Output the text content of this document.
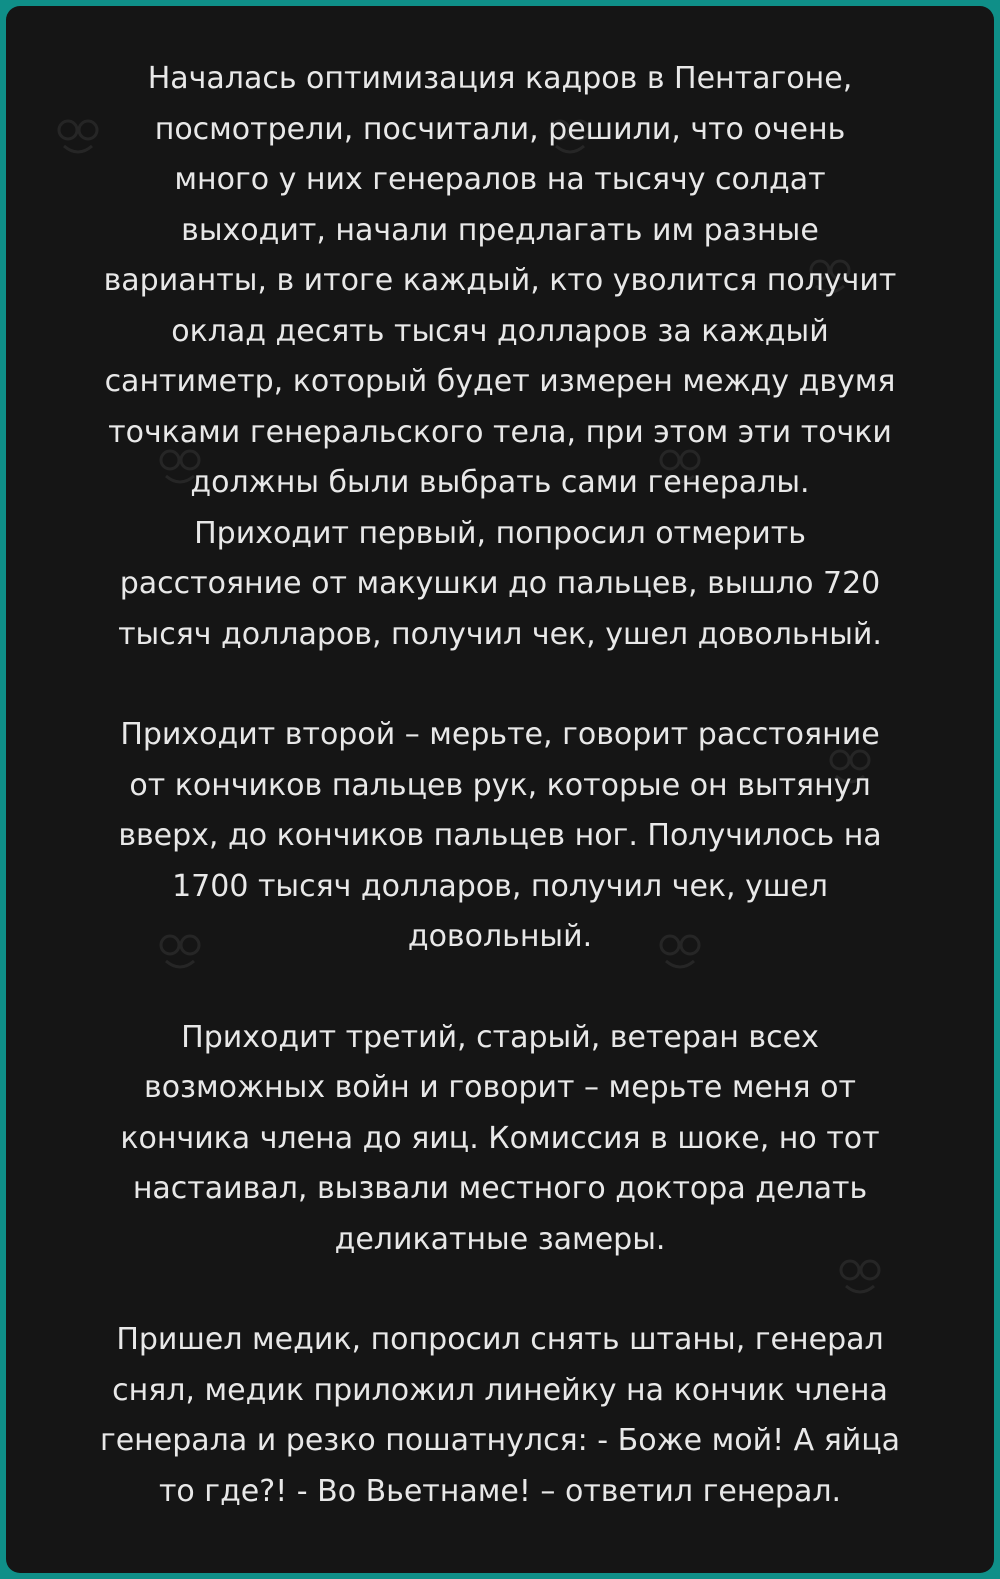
Началась оптимизация кадров в Пентагоне,
посмотрели, посчитали, решили, что очень
много у них генералов на тысячу солдат
выходит, начали предлагать им разные
варианты, в итоге каждый, кто уволится получит
оклад десять тысяч долларов за каждый
сантиметр, который будет измерен между двумя
точками генеральского тела, при этом эти точки
должны были выбрать сами генералы.
Приходит первый, попросил отмерить
расстояние от макушки до пальцев, вышло 720
тысяч долларов, получил чек, ушел довольный.

Приходит второй – мерьте, говорит расстояние
от кончиков пальцев рук, которые он вытянул
вверх, до кончиков пальцев ног. Получилось на
1700 тысяч долларов, получил чек, ушел
довольный.

Приходит третий, старый, ветеран всех
возможных войн и говорит – мерьте меня от
кончика члена до яиц. Комиссия в шоке, но тот
настаивал, вызвали местного доктора делать
деликатные замеры.

Пришел медик, попросил снять штаны, генерал
снял, медик приложил линейку на кончик члена
генерала и резко пошатнулся: - Боже мой! А яйца
то где?! - Во Вьетнаме! – ответил генерал.
